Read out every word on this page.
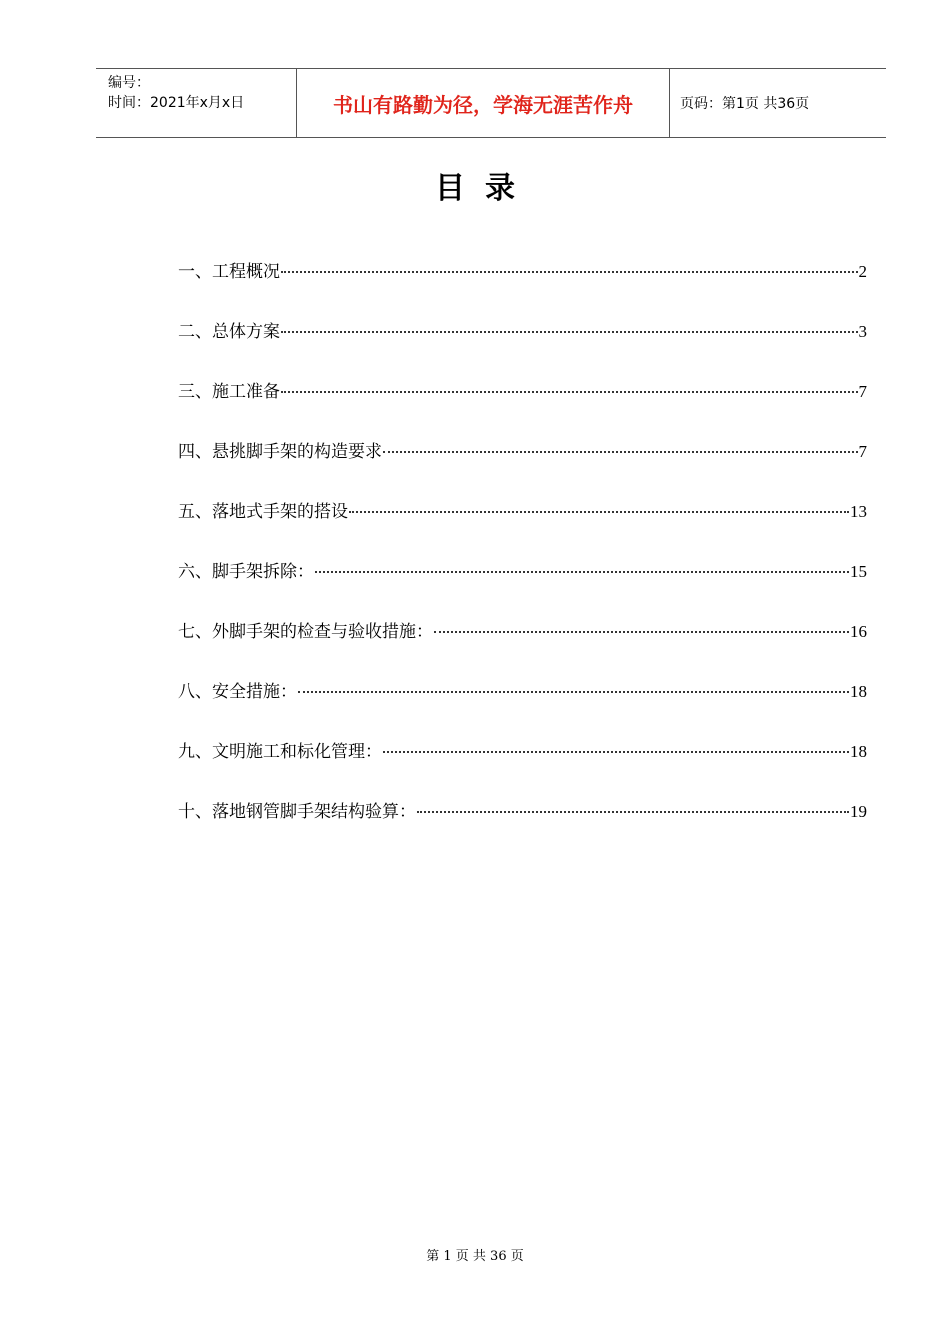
编号：
时间：2021年x月x日	书山有路勤为径，学海无涯苦作舟	页码：第1页 共36页
目录
一、工程概况	2
二、总体方案	3
三、施工准备	7
四、悬挑脚手架的构造要求	7
五、落地式手架的搭设	13
六、脚手架拆除：	15
七、外脚手架的检查与验收措施：	16
八、安全措施：	18
九、文明施工和标化管理：	18
十、落地钢管脚手架结构验算：	19
第 1 页 共 36 页
